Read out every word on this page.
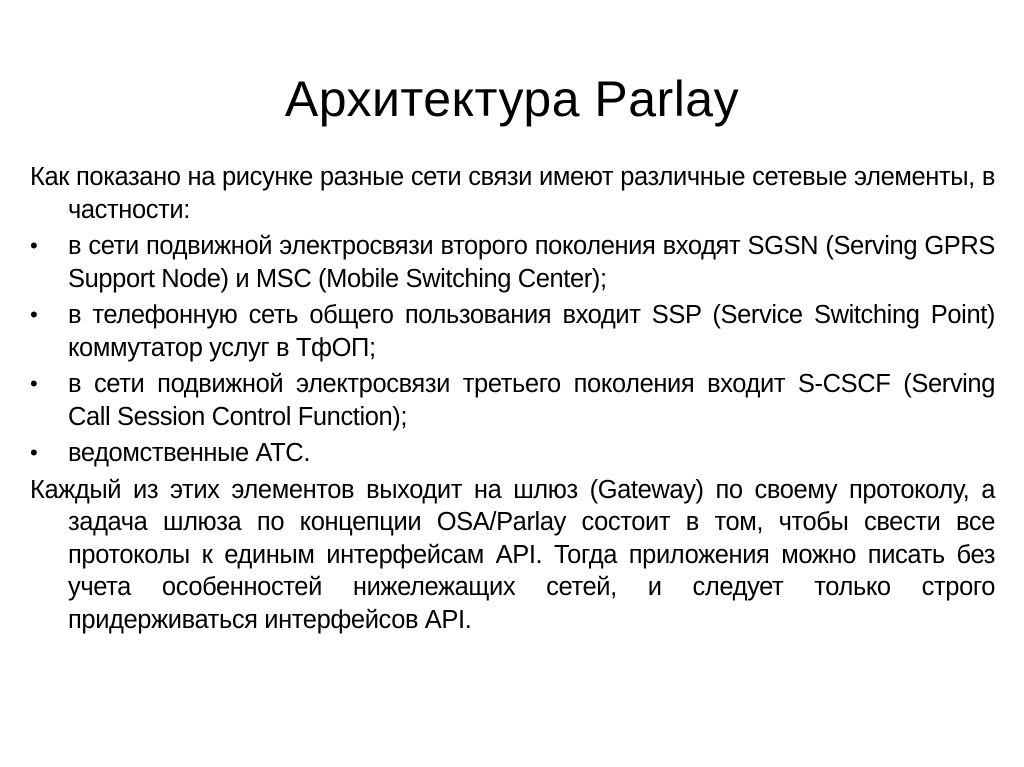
Архитектура Parlay

Как показано на рисунке разные сети связи имеют различные сетевые элементы, в частности:

•	в сети подвижной электросвязи второго поколения входят SGSN (Serving GPRS Support Node) и MSC (Mobile Switching Center);
•	в телефонную сеть общего пользования входит SSP (Service Switching Point) коммутатор услуг в ТфОП;
•	в сети подвижной электросвязи третьего поколения входит S-CSCF (Serving Call Session Control Function);
•	ведомственные АТС.

Каждый из этих элементов выходит на шлюз (Gateway) по своему протоколу, а задача шлюза по концепции OSA/Parlay состоит в том, чтобы свести все протоколы к единым интерфейсам API. Тогда приложения можно писать без учета особенностей нижележащих сетей, и следует только строго придерживаться интерфейсов API.
